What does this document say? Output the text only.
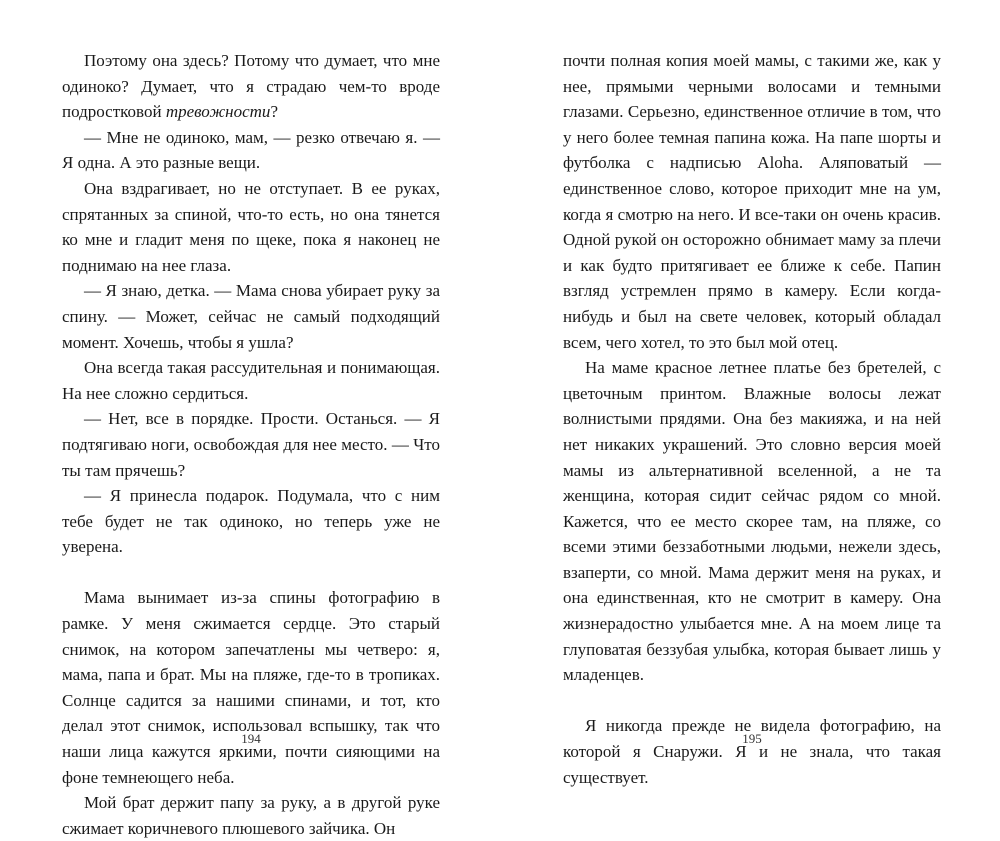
Поэтому она здесь? Потому что думает, что мне одиноко? Думает, что я страдаю чем-то вроде подростковой тревожности?

— Мне не одиноко, мам, — резко отвечаю я. — Я одна. А это разные вещи.

Она вздрагивает, но не отступает. В ее руках, спрятанных за спиной, что-то есть, но она тянется ко мне и гладит меня по щеке, пока я наконец не поднимаю на нее глаза.

— Я знаю, детка. — Мама снова убирает руку за спину. — Может, сейчас не самый подходящий момент. Хочешь, чтобы я ушла?

Она всегда такая рассудительная и понимающая. На нее сложно сердиться.

— Нет, все в порядке. Прости. Останься. — Я подтягиваю ноги, освобождая для нее место. — Что ты там прячешь?

— Я принесла подарок. Подумала, что с ним тебе будет не так одиноко, но теперь уже не уверена.

Мама вынимает из-за спины фотографию в рамке. У меня сжимается сердце. Это старый снимок, на котором запечатлены мы четверо: я, мама, папа и брат. Мы на пляже, где-то в тропиках. Солнце садится за нашими спинами, и тот, кто делал этот снимок, использовал вспышку, так что наши лица кажутся яркими, почти сияющими на фоне темнеющего неба.

Мой брат держит папу за руку, а в другой руке сжимает коричневого плюшевого зайчика. Он

почти полная копия моей мамы, с такими же, как у нее, прямыми черными волосами и темными глазами. Серьезно, единственное отличие в том, что у него более темная папина кожа. На папе шорты и футболка с надписью Aloha. Аляповатый — единственное слово, которое приходит мне на ум, когда я смотрю на него. И все-таки он очень красив. Одной рукой он осторожно обнимает маму за плечи и как будто притягивает ее ближе к себе. Папин взгляд устремлен прямо в камеру. Если когда-нибудь и был на свете человек, который обладал всем, чего хотел, то это был мой отец.

На маме красное летнее платье без бретелей, с цветочным принтом. Влажные волосы лежат волнистыми прядями. Она без макияжа, и на ней нет никаких украшений. Это словно версия моей мамы из альтернативной вселенной, а не та женщина, которая сидит сейчас рядом со мной. Кажется, что ее место скорее там, на пляже, со всеми этими беззаботными людьми, нежели здесь, взаперти, со мной. Мама держит меня на руках, и она единственная, кто не смотрит в камеру. Она жизнерадостно улыбается мне. А на моем лице та глуповатая беззубая улыбка, которая бывает лишь у младенцев.

Я никогда прежде не видела фотографию, на которой я Снаружи. Я и не знала, что такая существует.

194	195
